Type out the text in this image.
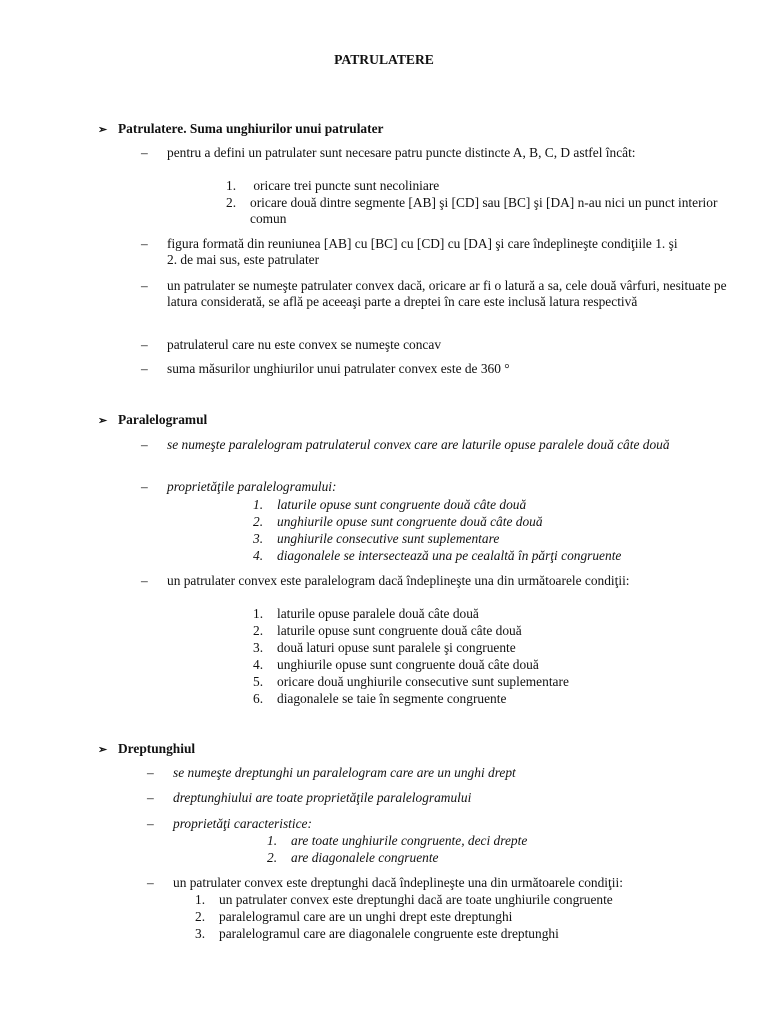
PATRULATERE
➢ Patrulatere. Suma unghiurilor unui patrulater
– pentru a defini un patrulater sunt necesare patru puncte distincte A, B, C, D astfel încât:
1. oricare trei puncte sunt necoliniare
2. oricare două dintre segmente [AB] şi [CD] sau [BC] şi [DA] n-au nici un punct interior comun
– figura formată din reuniunea [AB] cu [BC] cu [CD] cu [DA] şi care îndeplineşte condiţiile 1. şi 2. de mai sus, este patrulater
– un patrulater se numeşte patrulater convex dacă, oricare ar fi o latură a sa, cele două vârfuri, nesituate pe latura considerată, se află pe aceeaşi parte a dreptei în care este inclusă latura respectivă
– patrulaterul care nu este convex se numeşte concav
– suma măsurilor unghiurilor unui patrulater convex este de 360 °
➢ Paralelogramul
– se numeşte paralelogram patrulaterul convex care are laturile opuse paralele două câte două
– proprietăţile paralelogramului:
1. laturile opuse sunt congruente două câte două
2. unghiurile opuse sunt congruente două câte două
3. unghiurile consecutive sunt suplementare
4. diagonalele se intersectează una pe cealaltă în părţi congruente
– un patrulater convex este paralelogram dacă îndeplineşte una din următoarele condiţii:
1. laturile opuse paralele două câte două
2. laturile opuse sunt congruente două câte două
3. două laturi opuse sunt paralele şi congruente
4. unghiurile opuse sunt congruente două câte două
5. oricare două unghiurile consecutive sunt suplementare
6. diagonalele se taie în segmente congruente
➢ Dreptunghiul
– se numeşte dreptunghi un paralelogram care are un unghi drept
– dreptunghiului are toate proprietăţile paralelogramului
– proprietăţi caracteristice:
1. are toate unghiurile congruente, deci drepte
2. are diagonalele congruente
– un patrulater convex este dreptunghi dacă îndeplineşte una din următoarele condiţii:
1. un patrulater convex este dreptunghi dacă are toate unghiurile congruente
2. paralelogramul care are un unghi drept este dreptunghi
3. paralelogramul care are diagonalele congruente este dreptunghi
